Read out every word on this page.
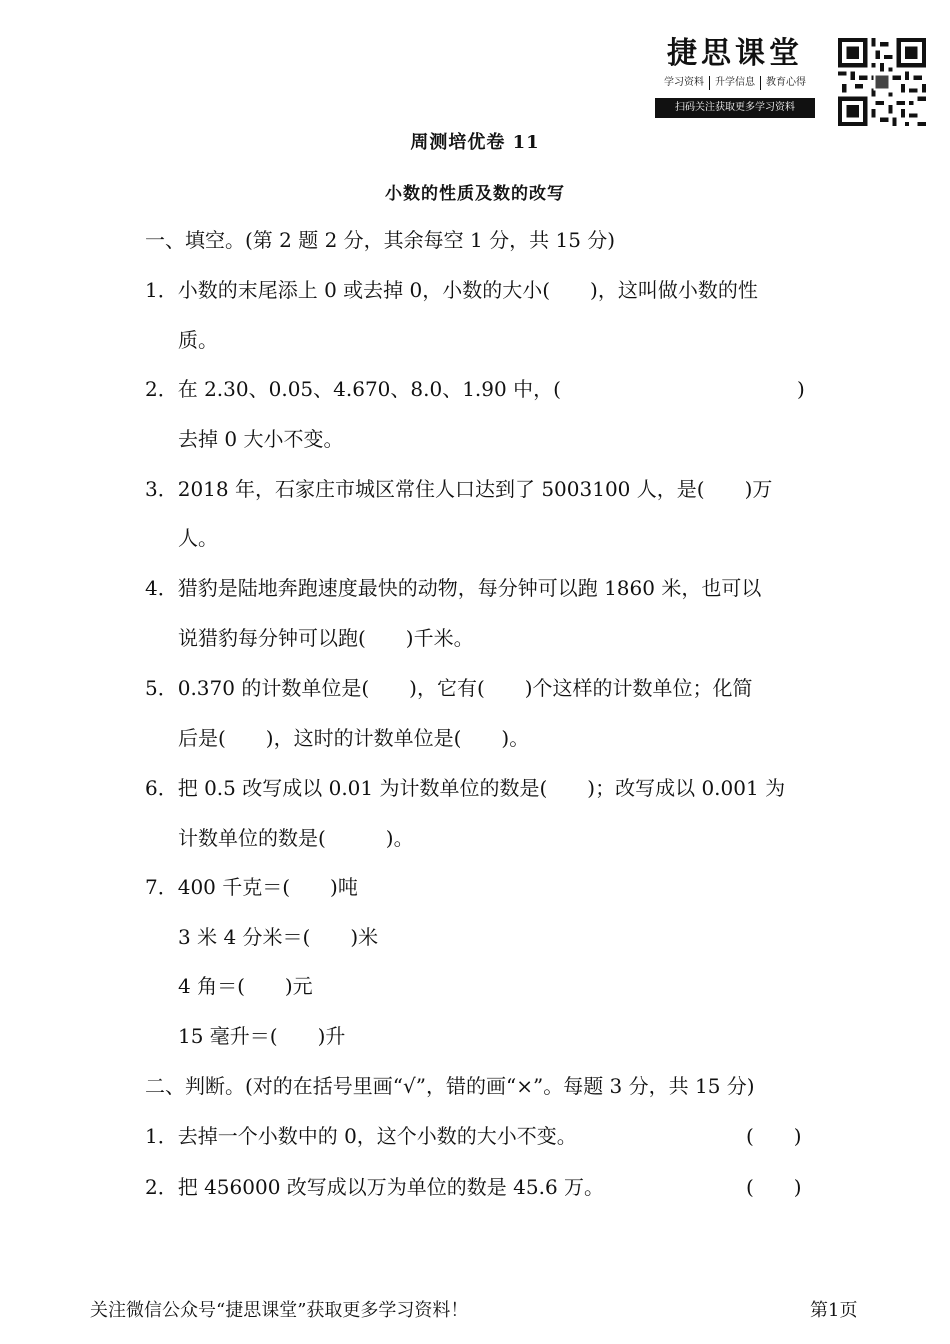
捷思课堂
学习资料	升学信息	教育心得
扫码关注获取更多学习资料
周测培优卷 11
小数的性质及数的改写
一、填空。(第 2 题 2 分，其余每空 1 分，共 15 分)
1．小数的末尾添上 0 或去掉 0，小数的大小(　　)，这叫做小数的性
质。
2．在 2.30、0.05、4.670、8.0、1.90 中，(	)
去掉 0 大小不变。
3．2018 年，石家庄市城区常住人口达到了 5003100 人，是(　　)万
人。
4．猎豹是陆地奔跑速度最快的动物，每分钟可以跑 1860 米，也可以
说猎豹每分钟可以跑(　　)千米。
5．0.370 的计数单位是(　　)，它有(　　)个这样的计数单位；化简
后是(　　)，这时的计数单位是(　　)。
6．把 0.5 改写成以 0.01 为计数单位的数是(　　)；改写成以 0.001 为
计数单位的数是(　　　)。
7．400 千克＝(　　)吨
3 米 4 分米＝(　　)米
4 角＝(　　)元
15 毫升＝(　　)升
二、判断。(对的在括号里画“√”，错的画“×”。每题 3 分，共 15 分)
1．去掉一个小数中的 0，这个小数的大小不变。	(　　)
2．把 456000 改写成以万为单位的数是 45.6 万。	(　　)
关注微信公众号“捷思课堂”获取更多学习资料！	第1页
